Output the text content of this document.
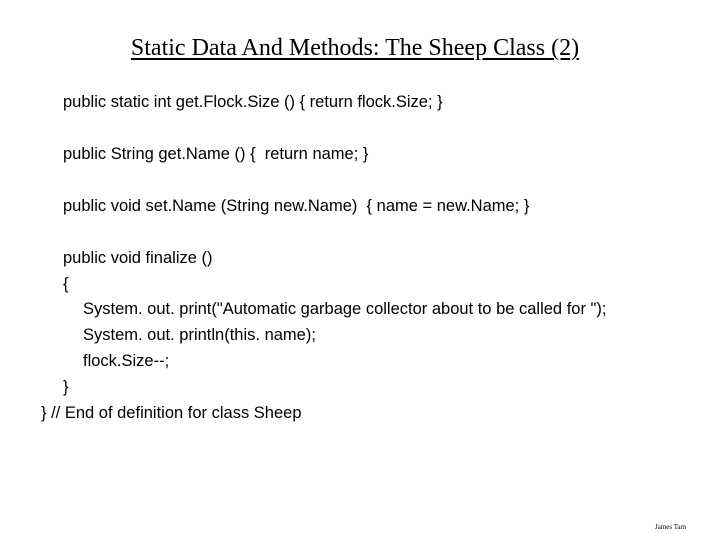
Static Data And Methods: The Sheep Class (2)
public static int get.Flock.Size () { return flock.Size; }
public String get.Name () {  return name; }
public void set.Name (String new.Name)  { name = new.Name; }
public void finalize ()
{
System. out. print("Automatic garbage collector about to be called for ");
System. out. println(this. name);
flock.Size--;
}
} // End of definition for class Sheep
James Tam
